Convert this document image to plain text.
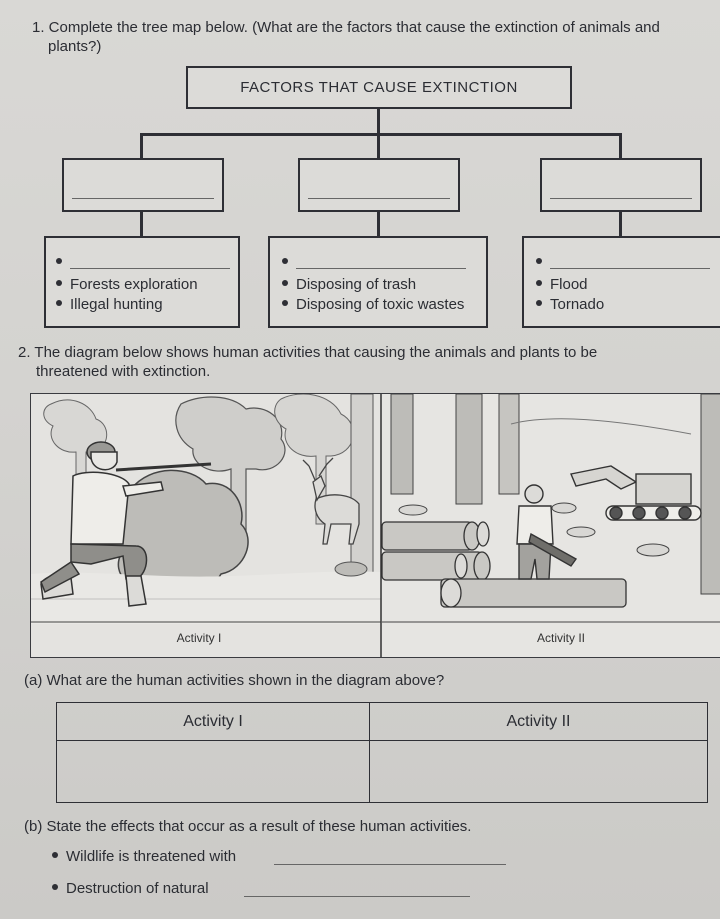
1. Complete the tree map below. (What are the factors that cause the extinction of animals and
plants?)
FACTORS THAT CAUSE EXTINCTION
Forests exploration
Illegal hunting
Disposing of trash
Disposing of toxic wastes
Flood
Tornado
2. The diagram below shows human activities that causing the animals and plants to be
threatened with extinction.
Activity I	Activity II
(a) What are the human activities shown in the diagram above?
Activity I	Activity II

(b) State the effects that occur as a result of these human activities.
Wildlife is threatened with
Destruction of natural
